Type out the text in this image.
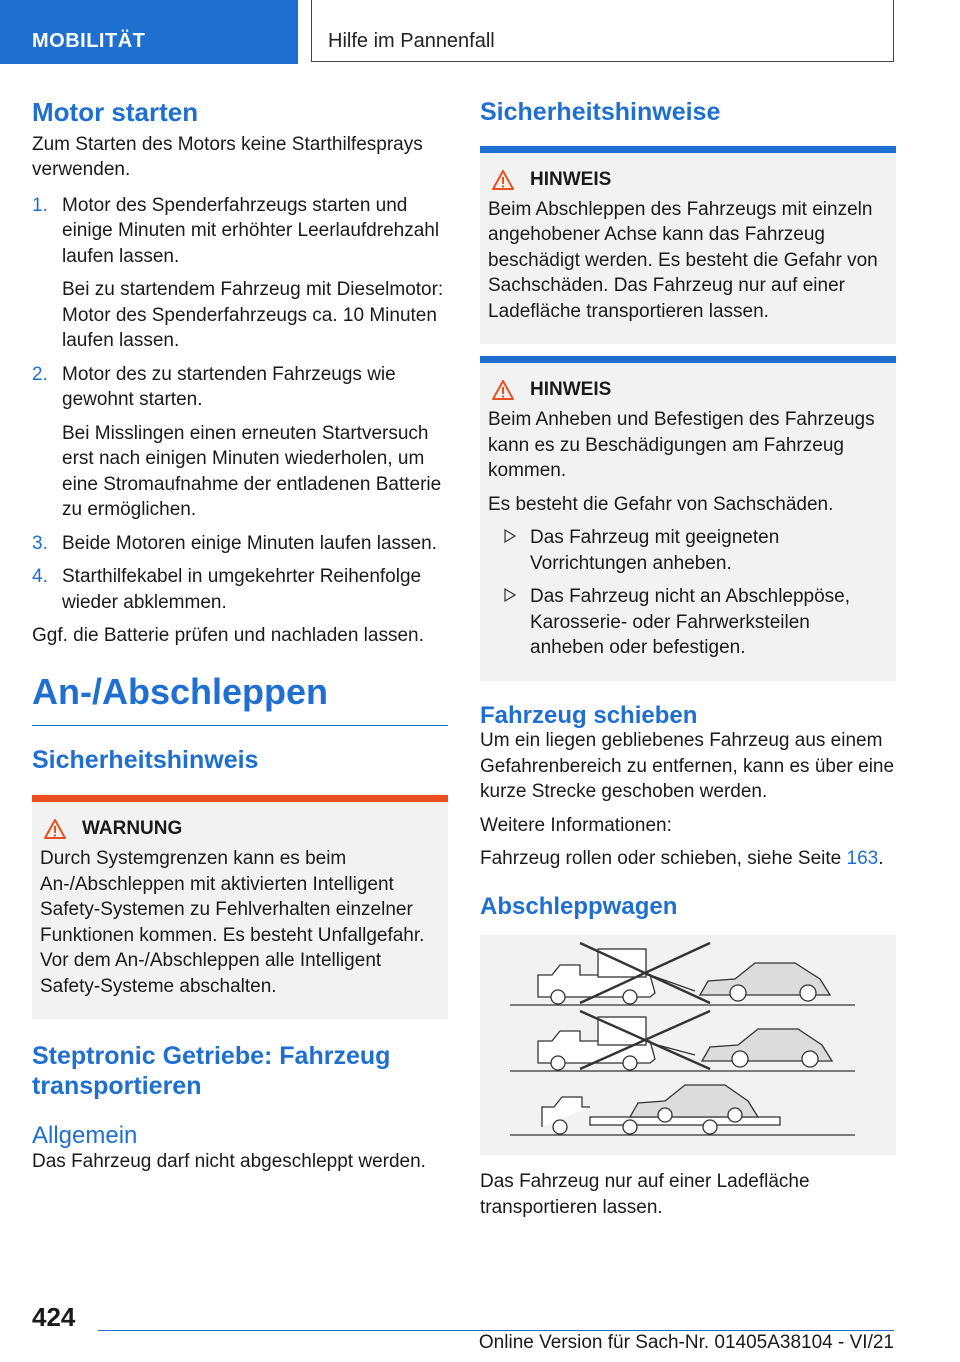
MOBILITÄT	Hilfe im Pannenfall

Motor starten

Zum Starten des Motors keine Starthilfesprays verwenden.

1. Motor des Spenderfahrzeugs starten und einige Minuten mit erhöhter Leerlaufdrehzahl laufen lassen.

Bei zu startendem Fahrzeug mit Dieselmotor: Motor des Spenderfahrzeugs ca. 10 Minuten laufen lassen.

2. Motor des zu startenden Fahrzeugs wie gewohnt starten.

Bei Misslingen einen erneuten Startversuch erst nach einigen Minuten wiederholen, um eine Stromaufnahme der entladenen Batterie zu ermöglichen.

3. Beide Motoren einige Minuten laufen lassen.

4. Starthilfekabel in umgekehrter Reihenfolge wieder abklemmen.

Ggf. die Batterie prüfen und nachladen lassen.

An-/Abschleppen

Sicherheitshinweis

WARNUNG

Durch Systemgrenzen kann es beim An-/Abschleppen mit aktivierten Intelligent Safety-Systemen zu Fehlverhalten einzelner Funktionen kommen. Es besteht Unfallgefahr. Vor dem An-/Abschleppen alle Intelligent Safety-Systeme abschalten.

Steptronic Getriebe: Fahrzeug transportieren

Allgemein

Das Fahrzeug darf nicht abgeschleppt werden.

Sicherheitshinweise

HINWEIS

Beim Abschleppen des Fahrzeugs mit einzeln angehobener Achse kann das Fahrzeug beschädigt werden. Es besteht die Gefahr von Sachschäden. Das Fahrzeug nur auf einer Ladefläche transportieren lassen.

HINWEIS

Beim Anheben und Befestigen des Fahrzeugs kann es zu Beschädigungen am Fahrzeug kommen.

Es besteht die Gefahr von Sachschäden.

Das Fahrzeug mit geeigneten Vorrichtungen anheben.

Das Fahrzeug nicht an Abschleppöse, Karosserie- oder Fahrwerksteilen anheben oder befestigen.

Fahrzeug schieben

Um ein liegen gebliebenes Fahrzeug aus einem Gefahrenbereich zu entfernen, kann es über eine kurze Strecke geschoben werden.

Weitere Informationen:

Fahrzeug rollen oder schieben, siehe Seite 163.

Abschleppwagen

Das Fahrzeug nur auf einer Ladefläche transportieren lassen.

424
Online Version für Sach-Nr. 01405A38104 - VI/21
